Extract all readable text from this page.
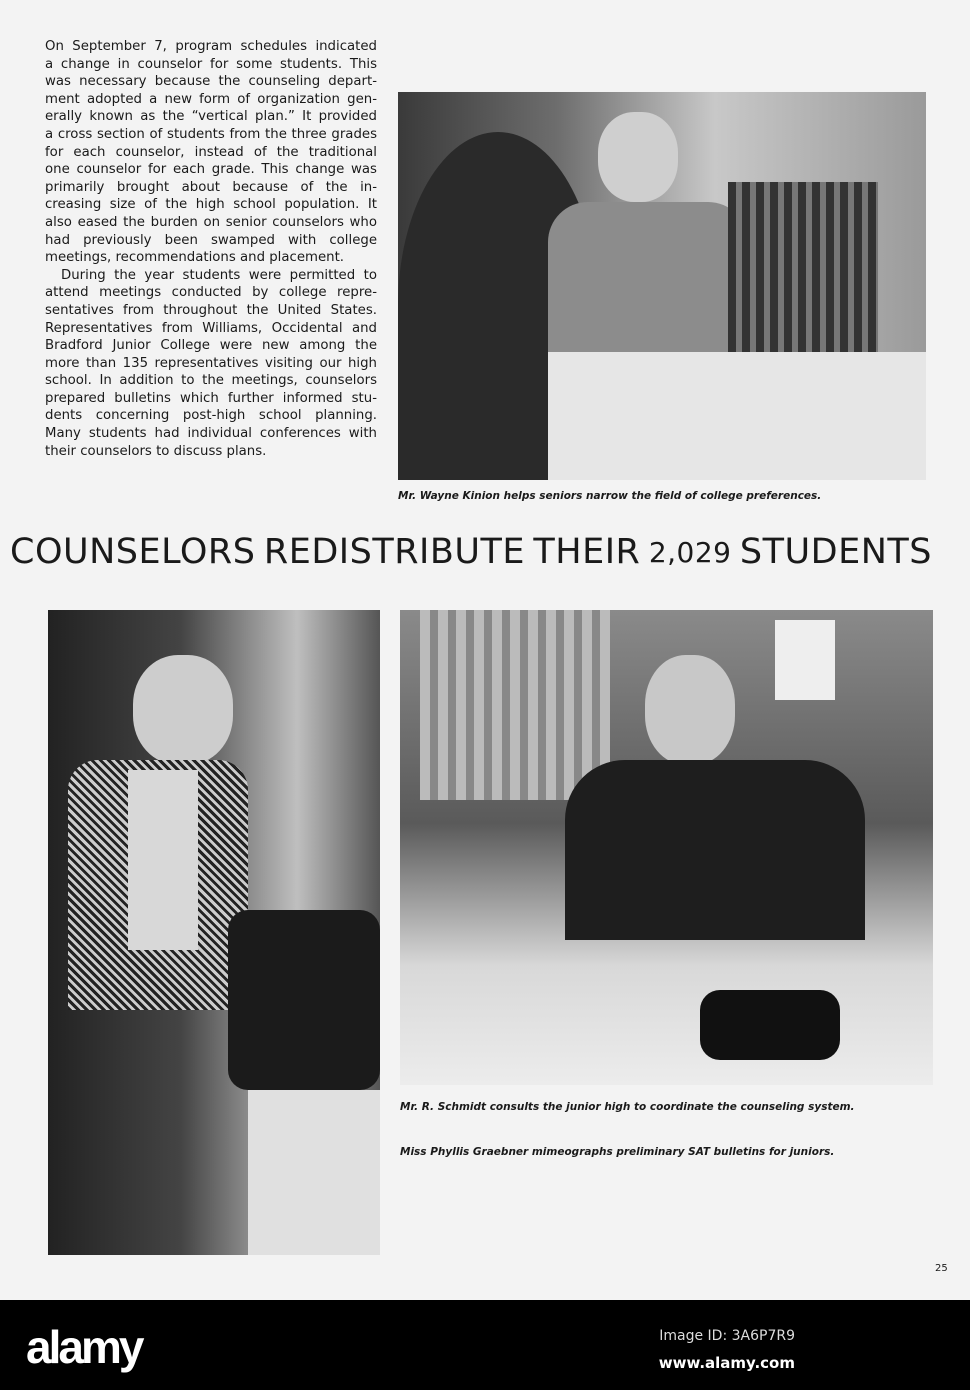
On September 7, program schedules indicated
a change in counselor for some students. This
was necessary because the counseling depart-
ment adopted a new form of organization gen-
erally known as the “vertical plan.” It provided
a cross section of students from the three grades
for each counselor, instead of the traditional
one counselor for each grade. This change was
primarily brought about because of the in-
creasing size of the high school population. It
also eased the burden on senior counselors who
had previously been swamped with college
meetings, recommendations and placement.
During the year students were permitted to
attend meetings conducted by college repre-
sentatives from throughout the United States.
Representatives from Williams, Occidental and
Bradford Junior College were new among the
more than 135 representatives visiting our high
school. In addition to the meetings, counselors
prepared bulletins which further informed stu-
dents concerning post-high school planning.
Many students had individual conferences with
their counselors to discuss plans.
Mr. Wayne Kinion helps seniors narrow the field of college preferences.
COUNSELORS REDISTRIBUTE THEIR 2,029 STUDENTS
Mr. R. Schmidt consults the junior high to coordinate the counseling system.
Miss Phyllis Graebner mimeographs preliminary SAT bulletins for juniors.
25
alamy	Image ID: 3A6P7R9
www.alamy.com
